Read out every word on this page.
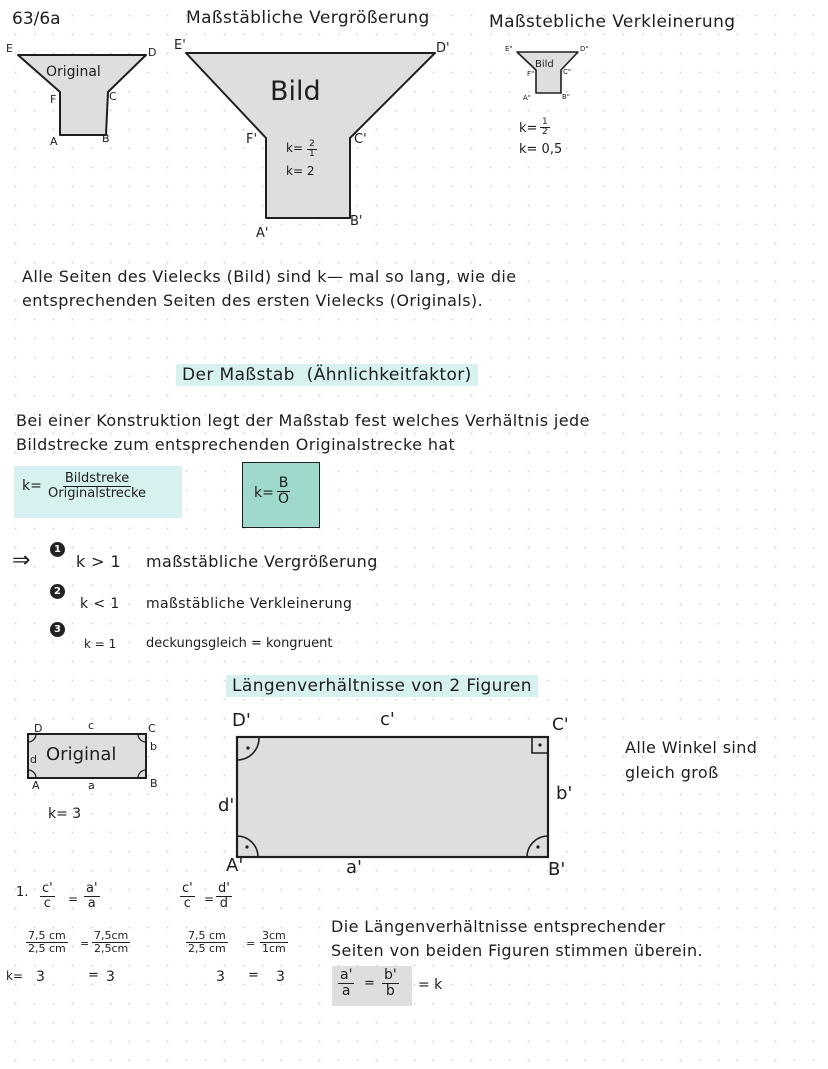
63/6a	Maßstäbliche Vergrößerung	Maßstebliche Verkleinerung
Original
E	D
F	C
A	B
Bild
$k= \frac{2}{1}$
k= 2
E'	D'
F'	C'
A'
B'
Bild
E"	D"
F"	C"
A"	B"
$k= \frac{1}{2}$
k= 0,5
Alle Seiten des Vielecks (Bild) sind k— mal so lang, wie die
entsprechenden Seiten des ersten Vielecks (Originals).
Der Maßstab (Ähnlichkeitfaktor)
Bei einer Konstruktion legt der Maßstab fest welches Verhältnis jede
Bildstrecke zum entsprechenden Originalstrecke hat
k= Bildstreke
Originalstrecke	$k= \frac{B}{O}$
⇒	1
k > 1 maßstäbliche Vergrößerung
2
k < 1 maßstäbliche Verkleinerung
3
k = 1 deckungsgleich = kongruent
Längenverhältnisse von 2 Figuren
Original
D	C
A	B
c
b
a
d
k= 3
D'	C'
A'	B'
c'
b'
a'
d'
Alle Winkel sind
gleich groß
1. $\frac{c'}{c} = \frac{a'}{a}$
$\frac{7,5 cm}{2,5 cm} = \frac{7,5cm}{2,5cm}$
k= 3	= 3
$\frac{c'}{c} = \frac{d'}{d}$
$\frac{7,5 cm}{2,5 cm} = \frac{3cm}{1cm}$
3 = 3
Die Längenverhältnisse entsprechender
Seiten von beiden Figuren stimmen überein.
$\frac{a'}{a} = \frac{b'}{b} = k$
